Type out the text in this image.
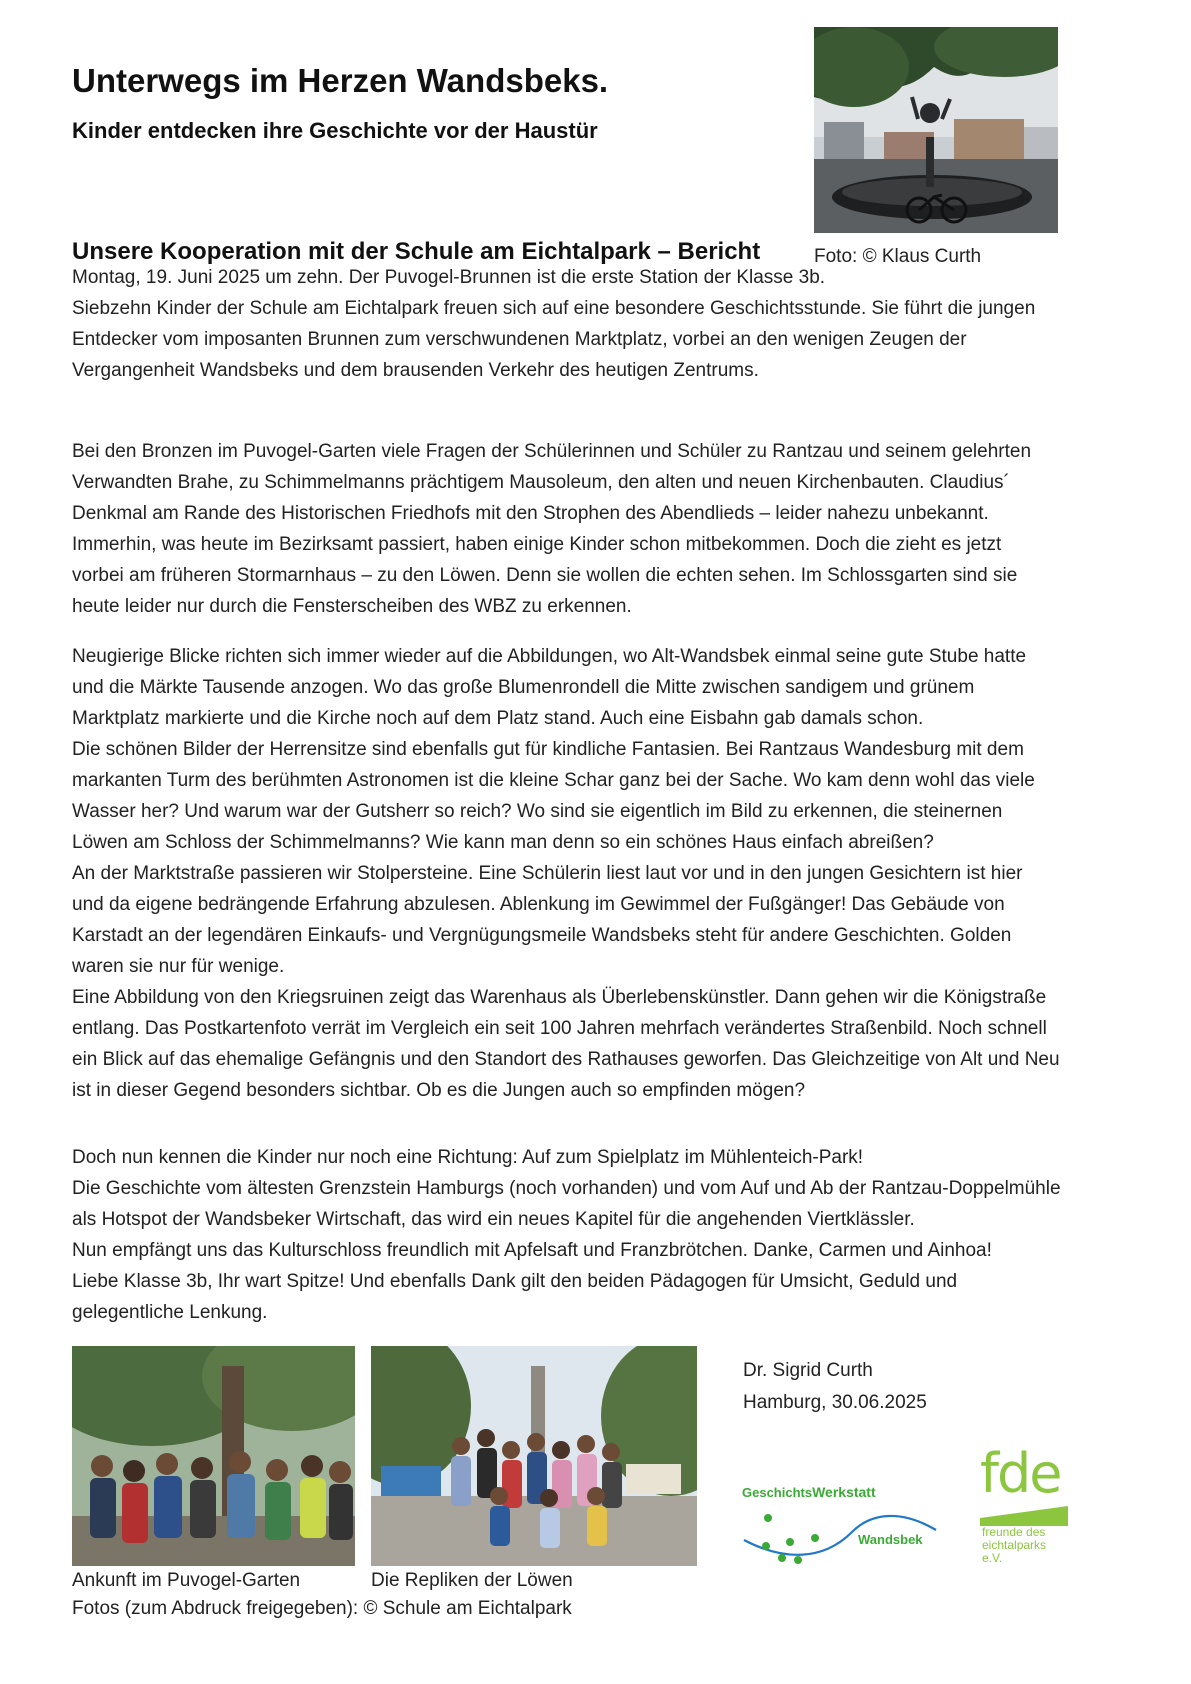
Unterwegs im Herzen Wandsbeks.
Kinder entdecken ihre Geschichte vor der Haustür
Unsere Kooperation mit der Schule am Eichtalpark – Bericht	Foto: © Klaus Curth

Montag, 19. Juni 2025 um zehn. Der Puvogel-Brunnen ist die erste Station der Klasse 3b.

Siebzehn Kinder der Schule am Eichtalpark freuen sich auf eine besondere Geschichtsstunde. Sie führt die jungen

Entdecker vom imposanten Brunnen zum verschwundenen Marktplatz, vorbei an den wenigen Zeugen der

Vergangenheit Wandsbeks und dem brausenden Verkehr des heutigen Zentrums.

Bei den Bronzen im Puvogel-Garten viele Fragen der Schülerinnen und Schüler zu Rantzau und seinem gelehrten

Verwandten Brahe, zu Schimmelmanns prächtigem Mausoleum, den alten und neuen Kirchenbauten. Claudius´

Denkmal am Rande des Historischen Friedhofs mit den Strophen des Abendlieds – leider nahezu unbekannt.

Immerhin, was heute im Bezirksamt passiert, haben einige Kinder schon mitbekommen. Doch die zieht es jetzt

vorbei am früheren Stormarnhaus – zu den Löwen. Denn sie wollen die echten sehen. Im Schlossgarten sind sie

heute leider nur durch die Fensterscheiben des WBZ zu erkennen.

Neugierige Blicke richten sich immer wieder auf die Abbildungen, wo Alt-Wandsbek einmal seine gute Stube hatte

und die Märkte Tausende anzogen. Wo das große Blumenrondell die Mitte zwischen sandigem und grünem

Marktplatz markierte und die Kirche noch auf dem Platz stand. Auch eine Eisbahn gab damals schon.

Die schönen Bilder der Herrensitze sind ebenfalls gut für kindliche Fantasien. Bei Rantzaus Wandesburg mit dem

markanten Turm des berühmten Astronomen ist die kleine Schar ganz bei der Sache. Wo kam denn wohl das viele

Wasser her? Und warum war der Gutsherr so reich? Wo sind sie eigentlich im Bild zu erkennen, die steinernen

Löwen am Schloss der Schimmelmanns? Wie kann man denn so ein schönes Haus einfach abreißen?

An der Marktstraße passieren wir Stolpersteine. Eine Schülerin liest laut vor und in den jungen Gesichtern ist hier

und da eigene bedrängende Erfahrung abzulesen. Ablenkung im Gewimmel der Fußgänger! Das Gebäude von

Karstadt an der legendären Einkaufs- und Vergnügungsmeile Wandsbeks steht für andere Geschichten. Golden

waren sie nur für wenige.

Eine Abbildung von den Kriegsruinen zeigt das Warenhaus als Überlebenskünstler. Dann gehen wir die Königstraße

entlang. Das Postkartenfoto verrät im Vergleich ein seit 100 Jahren mehrfach verändertes Straßenbild. Noch schnell

ein Blick auf das ehemalige Gefängnis und den Standort des Rathauses geworfen. Das Gleichzeitige von Alt und Neu

ist in dieser Gegend besonders sichtbar. Ob es die Jungen auch so empfinden mögen?

Doch nun kennen die Kinder nur noch eine Richtung: Auf zum Spielplatz im Mühlenteich-Park!

Die Geschichte vom ältesten Grenzstein Hamburgs (noch vorhanden) und vom Auf und Ab der Rantzau-Doppelmühle

als Hotspot der Wandsbeker Wirtschaft, das wird ein neues Kapitel für die angehenden Viertklässler.

Nun empfängt uns das Kulturschloss freundlich mit Apfelsaft und Franzbrötchen. Danke, Carmen und Ainhoa!

Liebe Klasse 3b, Ihr wart Spitze! Und ebenfalls Dank gilt den beiden Pädagogen für Umsicht, Geduld und

gelegentliche Lenkung.

Ankunft im Puvogel-Garten	Die Repliken der Löwen
Fotos (zum Abdruck freigegeben): © Schule am Eichtalpark
Dr. Sigrid Curth
Hamburg, 30.06.2025
GeschichtsWerkstatt
Wandsbek
fde
freunde des
eichtalparks
e.V.
